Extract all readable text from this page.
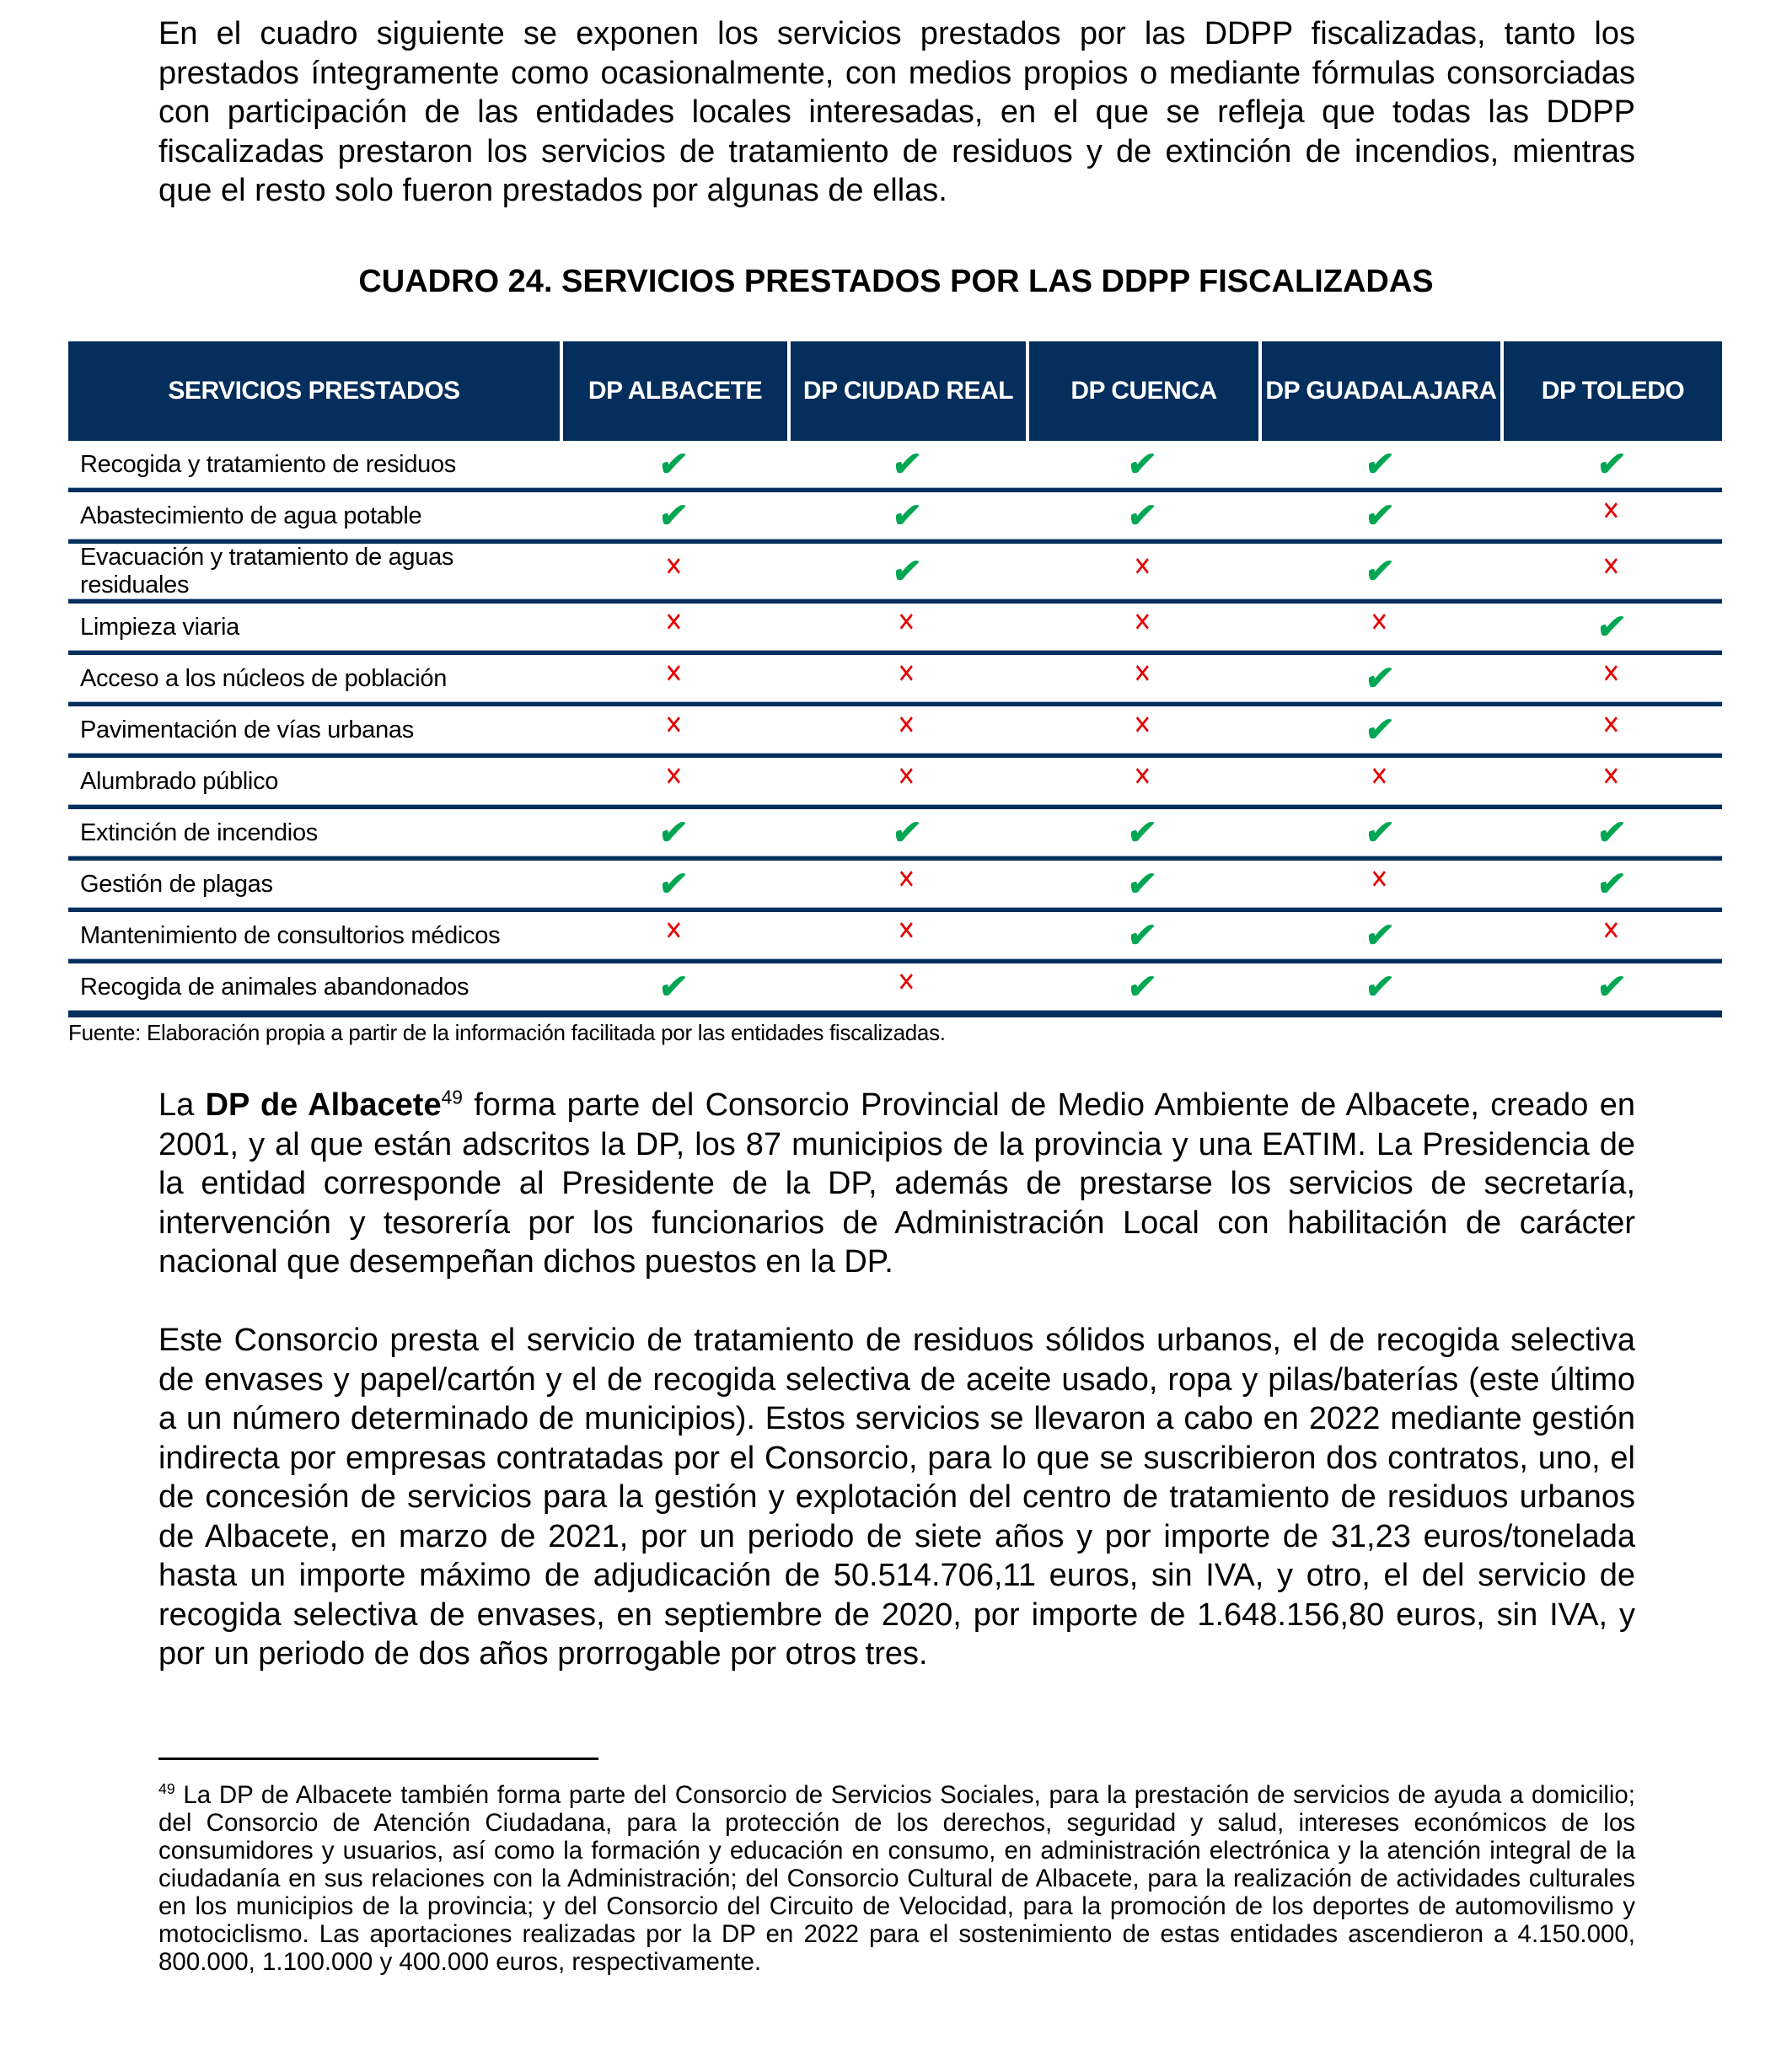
En el cuadro siguiente se exponen los servicios prestados por las DDPP fiscalizadas, tanto los prestados íntegramente como ocasionalmente, con medios propios o mediante fórmulas consorciadas con participación de las entidades locales interesadas, en el que se refleja que todas las DDPP fiscalizadas prestaron los servicios de tratamiento de residuos y de extinción de incendios, mientras que el resto solo fueron prestados por algunas de ellas.

CUADRO 24. SERVICIOS PRESTADOS POR LAS DDPP FISCALIZADAS
SERVICIOS PRESTADOS	DP ALBACETE	DP CIUDAD REAL	DP CUENCA	DP GUADALAJARA	DP TOLEDO
Recogida y tratamiento de residuos	✔	✔	✔	✔	✔
Abastecimiento de agua potable	✔	✔	✔	✔	✕
Evacuación y tratamiento de aguas residuales	✕	✔	✕	✔	✕
Limpieza viaria	✕	✕	✕	✕	✔
Acceso a los núcleos de población	✕	✕	✕	✔	✕
Pavimentación de vías urbanas	✕	✕	✕	✔	✕
Alumbrado público	✕	✕	✕	✕	✕
Extinción de incendios	✔	✔	✔	✔	✔
Gestión de plagas	✔	✕	✔	✕	✔
Mantenimiento de consultorios médicos	✕	✕	✔	✔	✕
Recogida de animales abandonados	✔	✕	✔	✔	✔

Fuente: Elaboración propia a partir de la información facilitada por las entidades fiscalizadas.

La DP de Albacete$^{49}$ forma parte del Consorcio Provincial de Medio Ambiente de Albacete, creado en 2001, y al que están adscritos la DP, los 87 municipios de la provincia y una EATIM. La Presidencia de la entidad corresponde al Presidente de la DP, además de prestarse los servicios de secretaría, intervención y tesorería por los funcionarios de Administración Local con habilitación de carácter nacional que desempeñan dichos puestos en la DP.

Este Consorcio presta el servicio de tratamiento de residuos sólidos urbanos, el de recogida selectiva de envases y papel/cartón y el de recogida selectiva de aceite usado, ropa y pilas/baterías (este último a un número determinado de municipios). Estos servicios se llevaron a cabo en 2022 mediante gestión indirecta por empresas contratadas por el Consorcio, para lo que se suscribieron dos contratos, uno, el de concesión de servicios para la gestión y explotación del centro de tratamiento de residuos urbanos de Albacete, en marzo de 2021, por un periodo de siete años y por importe de 31,23 euros/tonelada hasta un importe máximo de adjudicación de 50.514.706,11 euros, sin IVA, y otro, el del servicio de recogida selectiva de envases, en septiembre de 2020, por importe de 1.648.156,80 euros, sin IVA, y por un periodo de dos años prorrogable por otros tres.

$^{49}$ La DP de Albacete también forma parte del Consorcio de Servicios Sociales, para la prestación de servicios de ayuda a domicilio; del Consorcio de Atención Ciudadana, para la protección de los derechos, seguridad y salud, intereses económicos de los consumidores y usuarios, así como la formación y educación en consumo, en administración electrónica y la atención integral de la ciudadanía en sus relaciones con la Administración; del Consorcio Cultural de Albacete, para la realización de actividades culturales en los municipios de la provincia; y del Consorcio del Circuito de Velocidad, para la promoción de los deportes de automovilismo y motociclismo. Las aportaciones realizadas por la DP en 2022 para el sostenimiento de estas entidades ascendieron a 4.150.000, 800.000, 1.100.000 y 400.000 euros, respectivamente.
